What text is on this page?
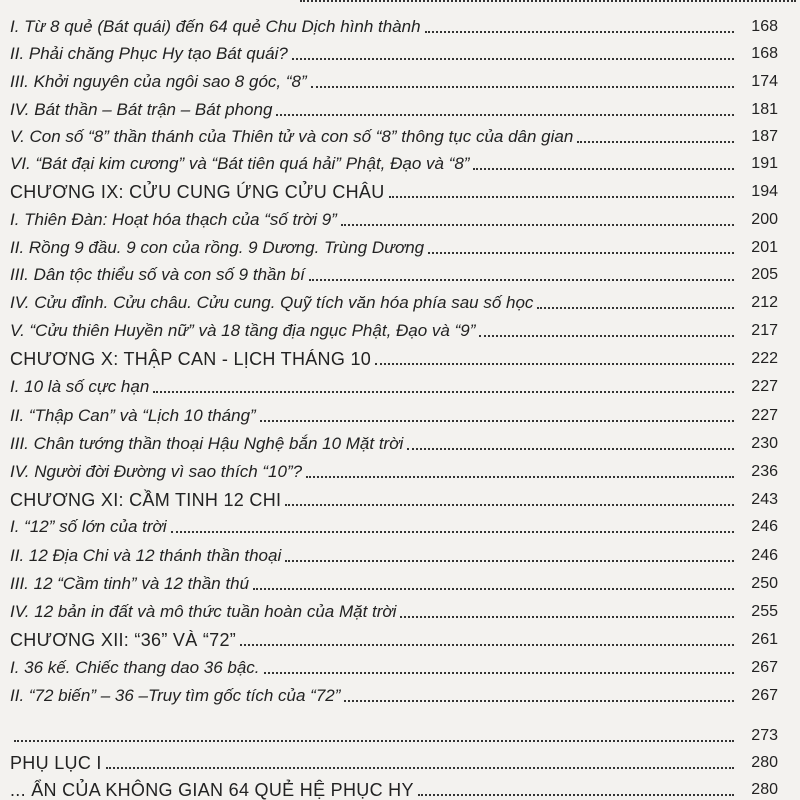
I. Từ 8 quẻ (Bát quái) đến 64 quẻ Chu Dịch hình thành	168
II. Phải chăng Phục Hy tạo Bát quái?	168
III. Khởi nguyên của ngôi sao 8 góc, “8”	174
IV. Bát thần – Bát trận – Bát phong	181
V. Con số “8” thần thánh của Thiên tử và con số “8” thông tục của dân gian	187
VI. “Bát đại kim cương” và “Bát tiên quá hải” Phật, Đạo và “8”	191
CHƯƠNG IX: CỬU CUNG ỨNG CỬU CHÂU	194
I. Thiên Đàn: Hoạt hóa thạch của “số trời 9”	200
II. Rồng 9 đầu. 9 con của rồng. 9 Dương. Trùng Dương	201
III. Dân tộc thiểu số và con số 9 thần bí	205
IV. Cửu đỉnh. Cửu châu. Cửu cung. Quỹ tích văn hóa phía sau số học	212
V. “Cửu thiên Huyền nữ” và 18 tầng địa ngục Phật, Đạo và “9”	217
CHƯƠNG X: THẬP CAN - LỊCH THÁNG 10	222
I. 10 là số cực hạn	227
II. “Thập Can” và “Lịch 10 tháng”	227
III. Chân tướng thần thoại Hậu Nghệ bắn 10 Mặt trời	230
IV. Người đời Đường vì sao thích “10”?	236
CHƯƠNG XI: CẦM TINH 12 CHI	243
I. “12” số lớn của trời	246
II. 12 Địa Chi và 12 thánh thần thoại	246
III. 12 “Cầm tinh” và 12 thần thú	250
IV. 12 bản in đất và mô thức tuần hoàn của Mặt trời	255
CHƯƠNG XII: “36” VÀ “72”	261
I. 36 kế. Chiếc thang dao 36 bậc.	267
II. “72 biến” – 36 –Truy tìm gốc tích của “72”	267
273
PHỤ LỤC I	280
... ẨN CỦA KHÔNG GIAN 64 QUẺ HỆ PHỤC HY	280
